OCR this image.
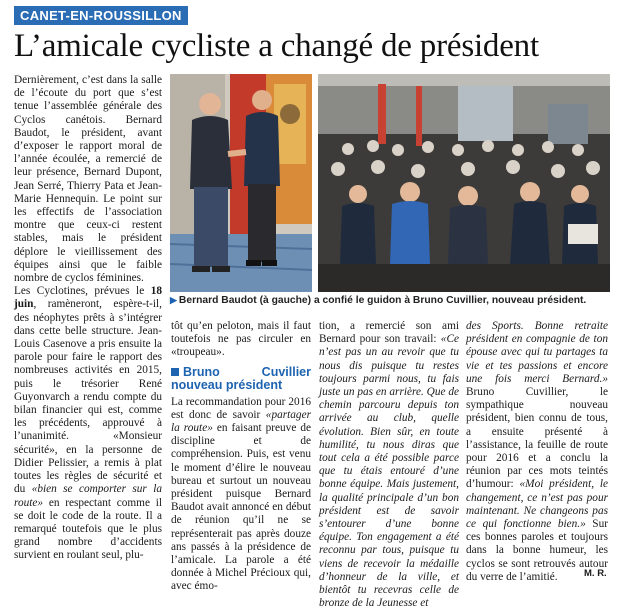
CANET-EN-ROUSSILLON
L’amicale cycliste a changé de président

Dernièrement, c’est dans la salle de l’écoute du port que s’est tenue l’assemblée générale des Cyclos canétois. Bernard Baudot, le président, avant d’exposer le rapport moral de l’année écoulée, a remercié de leur présence, Bernard Dupont, Jean Serré, Thierry Pata et Jean-Marie Hennequin. Le point sur les effectifs de l’association montre que ceux-ci restent stables, mais le président déplore le vieillissement des équipes ainsi que le faible nombre de cyclos féminines.

Les Cyclotines, prévues le 18 juin, ramèneront, espère-t-il, des néophytes prêts à s’intégrer dans cette belle structure. Jean-Louis Casenove a pris ensuite la parole pour faire le rapport des nombreuses activités en 2015, puis le trésorier René Guyonvarch a rendu compte du bilan financier qui est, comme les précédents, approuvé à l’unanimité. «Monsieur sécurité», en la personne de Didier Pelissier, a remis à plat toutes les règles de sécurité et du «bien se comporter sur la route» en respectant comme il se doit le code de la route. Il a remarqué toutefois que le plus grand nombre d’accidents survient en roulant seul, plu-

▶ Bernard Baudot (à gauche) a confié le guidon à Bruno Cuvillier, nouveau président.

tôt qu’en peloton, mais il faut toutefois ne pas circuler en «troupeau».

Bruno Cuvillier nouveau président

La recommandation pour 2016 est donc de savoir «partager la route» en faisant preuve de discipline et de compréhension. Puis, est venu le moment d’élire le nouveau bureau et surtout un nouveau président puisque Bernard Baudot avait annoncé en début de réunion qu’il ne se représenterait pas après douze ans passés à la présidence de l’amicale. La parole a été donnée à Michel Précioux qui, avec émo-

tion, a remercié son ami Bernard pour son travail: «Ce n’est pas un au revoir que tu nous dis puisque tu restes toujours parmi nous, tu fais juste un pas en arrière. Que de chemin parcouru depuis ton arrivée au club, quelle évolution. Bien sûr, en toute humilité, tu nous diras que tout cela a été possible parce que tu étais entouré d’une bonne équipe. Mais justement, la qualité principale d’un bon président est de savoir s’entourer d’une bonne équipe. Ton engagement a été reconnu par tous, puisque tu viens de recevoir la médaille d’honneur de la ville, et bientôt tu recevras celle de bronze de la Jeunesse et

des Sports. Bonne retraite président en compagnie de ton épouse avec qui tu partages ta vie et tes passions et encore une fois merci Bernard.» Bruno Cuvillier, le sympathique nouveau président, bien connu de tous, a ensuite présenté à l’assistance, la feuille de route pour 2016 et a conclu la réunion par ces mots teintés d’humour: «Moi président, le changement, ce n’est pas pour maintenant. Ne changeons pas ce qui fonctionne bien.» Sur ces bonnes paroles et toujours dans la bonne humeur, les cyclos se sont retrouvés autour du verre de l’amitié.	M. R.
